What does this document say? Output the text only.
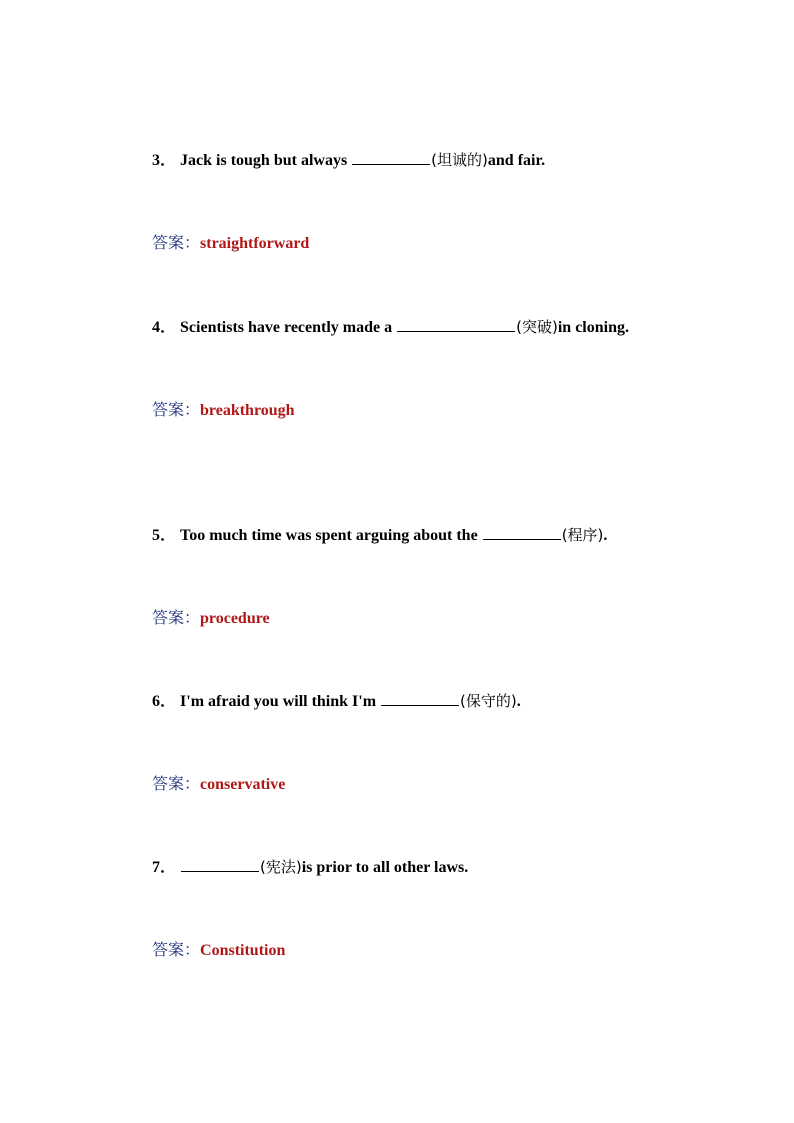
3． Jack is tough but always	(坦诚的)and fair.
答案：straightforward
4． Scientists have recently made a	(突破)in cloning.
答案：breakthrough
5． Too much time was spent arguing about the	(程序).
答案：procedure
6． I'm afraid you will think I'm	(保守的).
答案：conservative
7．	(宪法)is prior to all other laws.
答案：Constitution
